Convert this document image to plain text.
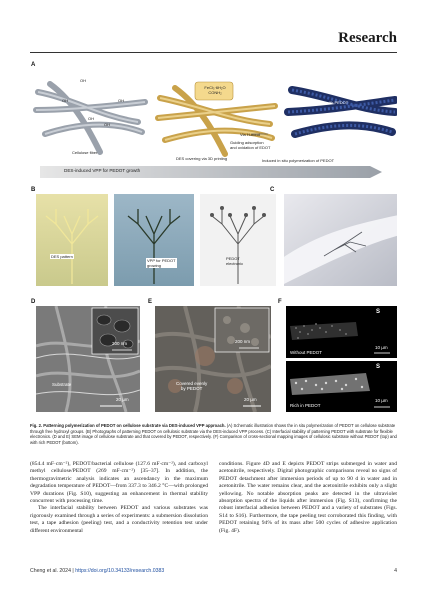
Research
A
OH
OH	OH
OH
OH
FeCl₃·6H₂O
CONH₂
Cellulose fiber
DES covering via 3D printing
Via H-bond
Guiding adsorption
and oxidation of EDOT
Covered with PEDOT
Induced in situ polymerization of PEDOT
DES-induced VPP for PEDOT growth
B
DES pattern
VPP for PEDOT
growing
PEDOT
electronic
C
D
200 nm
20 µm
Substrate
E
200 nm
20 µm
Covered evenly
by PEDOT
F
S
Without PEDOT
10 µm
S
Rich in PEDOT
10 µm
Fig. 2. Patterning polymerization of PEDOT on cellulose substrate via DES-induced VPP approach. (A) Schematic illustration shows the in situ polymerization of PEDOT on cellulose substrate through free hydroxyl groups. (B) Photographs of patterning PEDOT on cellulosic substrate via the DES-induced VPP process. (C) Interfacial stability of patterning PEDOT with substrate for flexible electronics. (D and E) SEM image of cellulose substrate and that covered by PEDOT, respectively. (F) Comparison of cross-sectional mapping images of cellulosic substrate without PEDOT (top) and with rich PEDOT (bottom).

(854.4 mF·cm⁻²), PEDOT/bacterial cellulose (127.6 mF·cm⁻²), and carboxyl methyl cellulose/PEDOT (269 mF·cm⁻²) [35–37]. In addition, the thermogravimetric analysis indicates an ascendancy in the maximum degradation temperature of PEDOT—from 337.3 to 346.2 °C—with prolonged VPP durations (Fig. S10), suggesting an enhancement in thermal stability concurrent with processing time.

The interfacial stability between PEDOT and various substrates was rigorously examined through a series of experiments: a submersion dissolution test, a tape adhesion (peeling) test, and a conductivity retention test under different environmental

conditions. Figure 4D and E depicts PEDOT strips submerged in water and acetonitrile, respectively. Digital photographic comparisons reveal no signs of PEDOT detachment after immersion periods of up to 90 d in water and in acetonitrile. The water remains clear, and the acetonitrile exhibits only a slight yellowing. No notable absorption peaks are detected in the ultraviolet absorption spectra of the liquids after immersion (Fig. S13), confirming the robust interfacial adhesion between PEDOT and a variety of substrates (Figs. S14 to S16). Furthermore, the tape peeling test corroborated this finding, with PEDOT retaining 94% of its mass after 500 cycles of adhesive application (Fig. 4F).

Cheng et al. 2024 | https://doi.org/10.34133/research.0383	4
